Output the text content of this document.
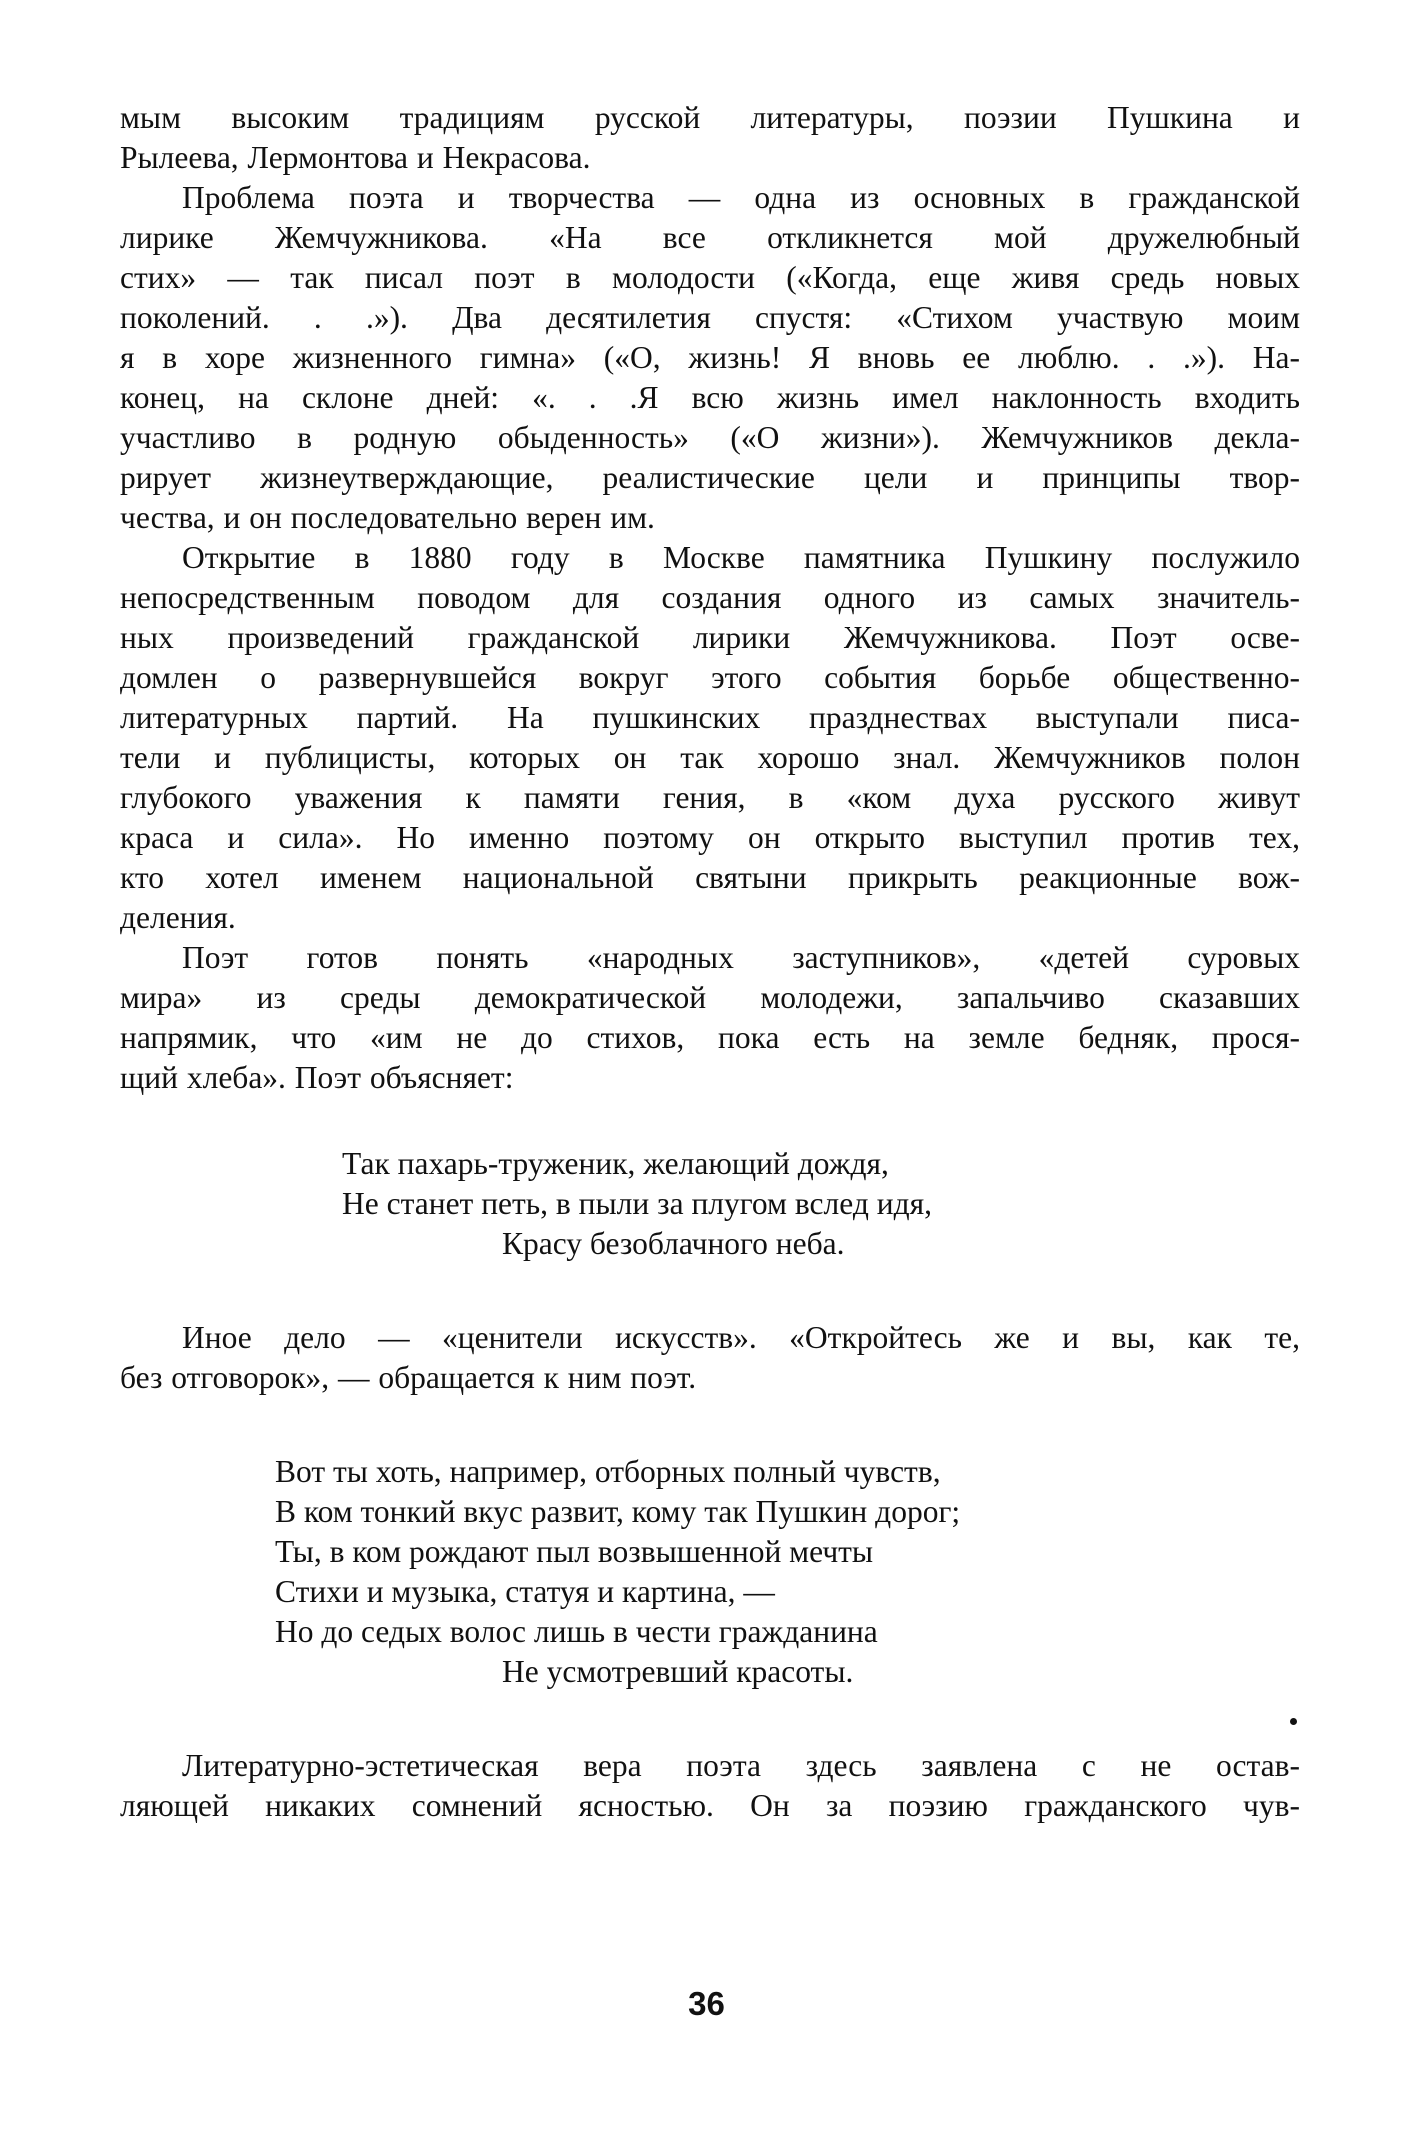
мым высоким традициям русской литературы, поэзии Пушкина и
Рылеева, Лермонтова и Некрасова.
Проблема поэта и творчества — одна из основных в гражданской
лирике Жемчужникова. «На все откликнется мой дружелюбный
стих» — так писал поэт в молодости («Когда, еще живя средь новых
поколений. . .»). Два десятилетия спустя: «Стихом участвую моим
я в хоре жизненного гимна» («О, жизнь! Я вновь ее люблю. . .»). На-
конец, на склоне дней: «. . .Я всю жизнь имел наклонность входить
участливо в родную обыденность» («О жизни»). Жемчужников декла-
рирует жизнеутверждающие, реалистические цели и принципы твор-
чества, и он последовательно верен им.
Открытие в 1880 году в Москве памятника Пушкину послужило
непосредственным поводом для создания одного из самых значитель-
ных произведений гражданской лирики Жемчужникова. Поэт осве-
домлен о развернувшейся вокруг этого события борьбе общественно-
литературных партий. На пушкинских празднествах выступали писа-
тели и публицисты, которых он так хорошо знал. Жемчужников полон
глубокого уважения к памяти гения, в «ком духа русского живут
краса и сила». Но именно поэтому он открыто выступил против тех,
кто хотел именем национальной святыни прикрыть реакционные вож-
деления.
Поэт готов понять «народных заступников», «детей суровых
мира» из среды демократической молодежи, запальчиво сказавших
напрямик, что «им не до стихов, пока есть на земле бедняк, прося-
щий хлеба». Поэт объясняет:
Так пахарь-труженик, желающий дождя,
Не станет петь, в пыли за плугом вслед идя,
Красу безоблачного неба.
Иное дело — «ценители искусств». «Откройтесь же и вы, как те,
без отговорок», — обращается к ним поэт.
Вот ты хоть, например, отборных полный чувств,
В ком тонкий вкус развит, кому так Пушкин дорог;
Ты, в ком рождают пыл возвышенной мечты
Стихи и музыка, статуя и картина, —
Но до седых волос лишь в чести гражданина
Не усмотревший красоты.
Литературно-эстетическая вера поэта здесь заявлена с не остав-
ляющей никаких сомнений ясностью. Он за поэзию гражданского чув-
36
